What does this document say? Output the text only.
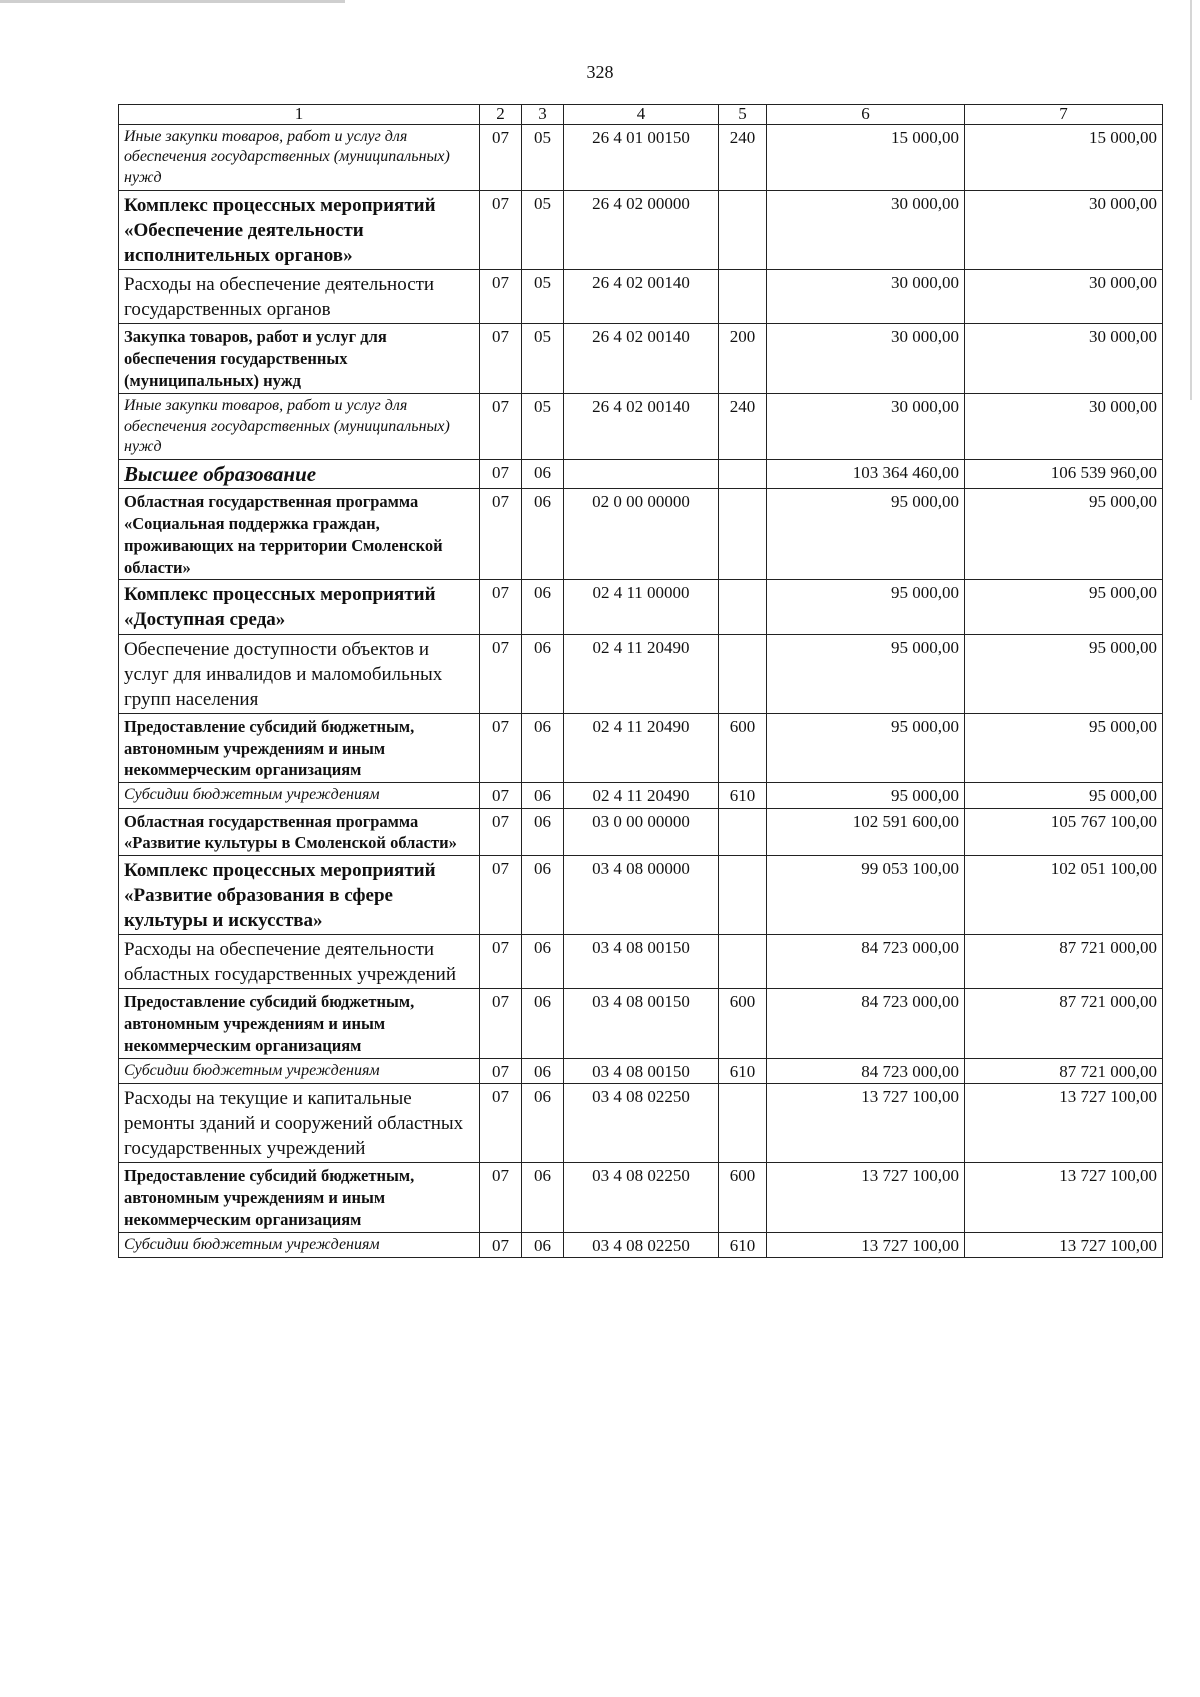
328
1	2	3	4	5	6	7
Иные закупки товаров, работ и услуг для обеспечения государственных (муниципальных) нужд	07	05	26 4 01 00150	240	15 000,00	15 000,00
Комплекс процессных мероприятий «Обеспечение деятельности исполнительных органов»	07	05	26 4 02 00000		30 000,00	30 000,00
Расходы на обеспечение деятельности государственных органов	07	05	26 4 02 00140		30 000,00	30 000,00
Закупка товаров, работ и услуг для обеспечения государственных (муниципальных) нужд	07	05	26 4 02 00140	200	30 000,00	30 000,00
Иные закупки товаров, работ и услуг для обеспечения государственных (муниципальных) нужд	07	05	26 4 02 00140	240	30 000,00	30 000,00
Высшее образование	07	06			103 364 460,00	106 539 960,00
Областная государственная программа «Социальная поддержка граждан, проживающих на территории Смоленской области»	07	06	02 0 00 00000		95 000,00	95 000,00
Комплекс процессных мероприятий «Доступная среда»	07	06	02 4 11 00000		95 000,00	95 000,00
Обеспечение доступности объектов и услуг для инвалидов и маломобильных групп населения	07	06	02 4 11 20490		95 000,00	95 000,00
Предоставление субсидий бюджетным, автономным учреждениям и иным некоммерческим организациям	07	06	02 4 11 20490	600	95 000,00	95 000,00
Субсидии бюджетным учреждениям	07	06	02 4 11 20490	610	95 000,00	95 000,00
Областная государственная программа «Развитие культуры в Смоленской области»	07	06	03 0 00 00000		102 591 600,00	105 767 100,00
Комплекс процессных мероприятий «Развитие образования в сфере культуры и искусства»	07	06	03 4 08 00000		99 053 100,00	102 051 100,00
Расходы на обеспечение деятельности областных государственных учреждений	07	06	03 4 08 00150		84 723 000,00	87 721 000,00
Предоставление субсидий бюджетным, автономным учреждениям и иным некоммерческим организациям	07	06	03 4 08 00150	600	84 723 000,00	87 721 000,00
Субсидии бюджетным учреждениям	07	06	03 4 08 00150	610	84 723 000,00	87 721 000,00
Расходы на текущие и капитальные ремонты зданий и сооружений областных государственных учреждений	07	06	03 4 08 02250		13 727 100,00	13 727 100,00
Предоставление субсидий бюджетным, автономным учреждениям и иным некоммерческим организациям	07	06	03 4 08 02250	600	13 727 100,00	13 727 100,00
Субсидии бюджетным учреждениям	07	06	03 4 08 02250	610	13 727 100,00	13 727 100,00
